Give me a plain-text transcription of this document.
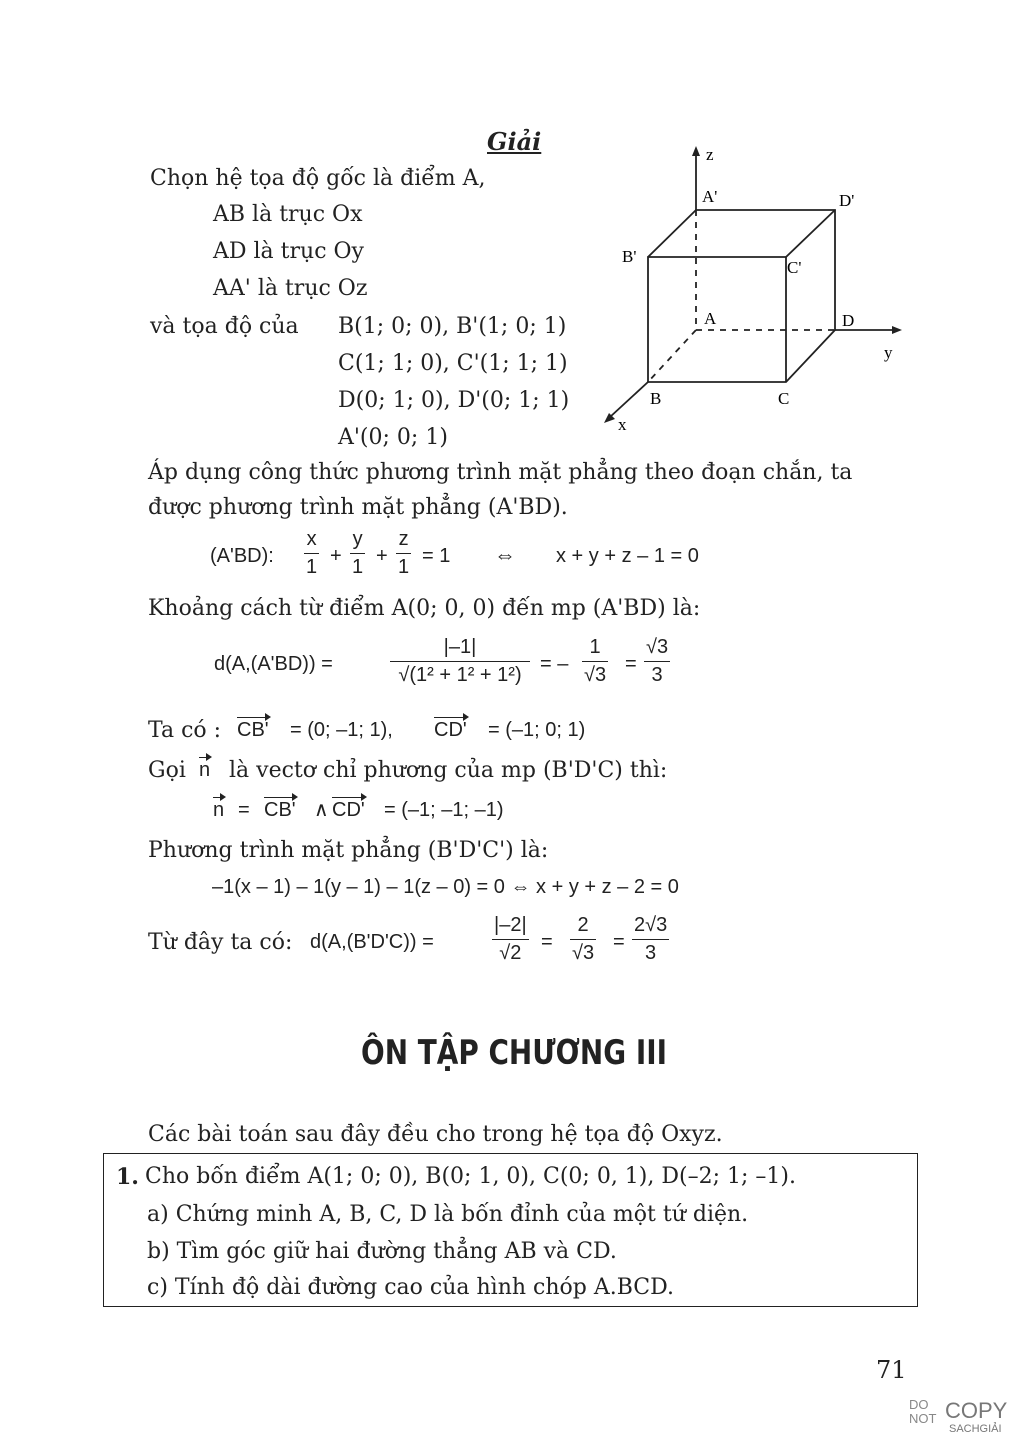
Giải
Chọn hệ tọa độ gốc là điểm A,
AB là trục Ox
AD là trục Oy
AA' là trục Oz
và tọa độ của B(1; 0; 0), B'(1; 0; 1)
C(1; 1; 0), C'(1; 1; 1)
D(0; 1; 0), D'(0; 1; 1)
A'(0; 0; 1)
z
y
x
A'	D'
B'
C'
A	D
B	C
Áp dụng công thức phương trình mặt phẳng theo đoạn chắn, ta
được phương trình mặt phẳng (A'BD).
(A'BD):
x
1 +
y
1 +
z
1 = 1 ⇔ x + y + z – 1 = 0
Khoảng cách từ điểm A(0; 0, 0) đến mp (A'BD) là:
d(A,(A'BD)) =
|–1|
√(1² + 1² + 1²) = –
1
√3 =
√3
3
Ta có : CB' = (0; –1; 1), CD' = (–1; 0; 1)
Gọi n là vectơ chỉ phương của mp (B'D'C) thì:
n = CB' ∧ CD' = (–1; –1; –1)
Phương trình mặt phẳng (B'D'C') là:
–1(x – 1) – 1(y – 1) – 1(z – 0) = 0 ⇔ x + y + z – 2 = 0
Từ đây ta có: d(A,(B'D'C)) =
|–2|
√2 =
2
√3 =
2√3
3
ÔN TẬP CHƯƠNG III
Các bài toán sau đây đều cho trong hệ tọa độ Oxyz.
1. Cho bốn điểm A(1; 0; 0), B(0; 1, 0), C(0; 0, 1), D(–2; 1; –1).
a) Chứng minh A, B, C, D là bốn đỉnh của một tứ diện.
b) Tìm góc giữ hai đường thẳng AB và CD.
c) Tính độ dài đường cao của hình chóp A.BCD.
71
DO
NOT COPY
SACHGIẢI
